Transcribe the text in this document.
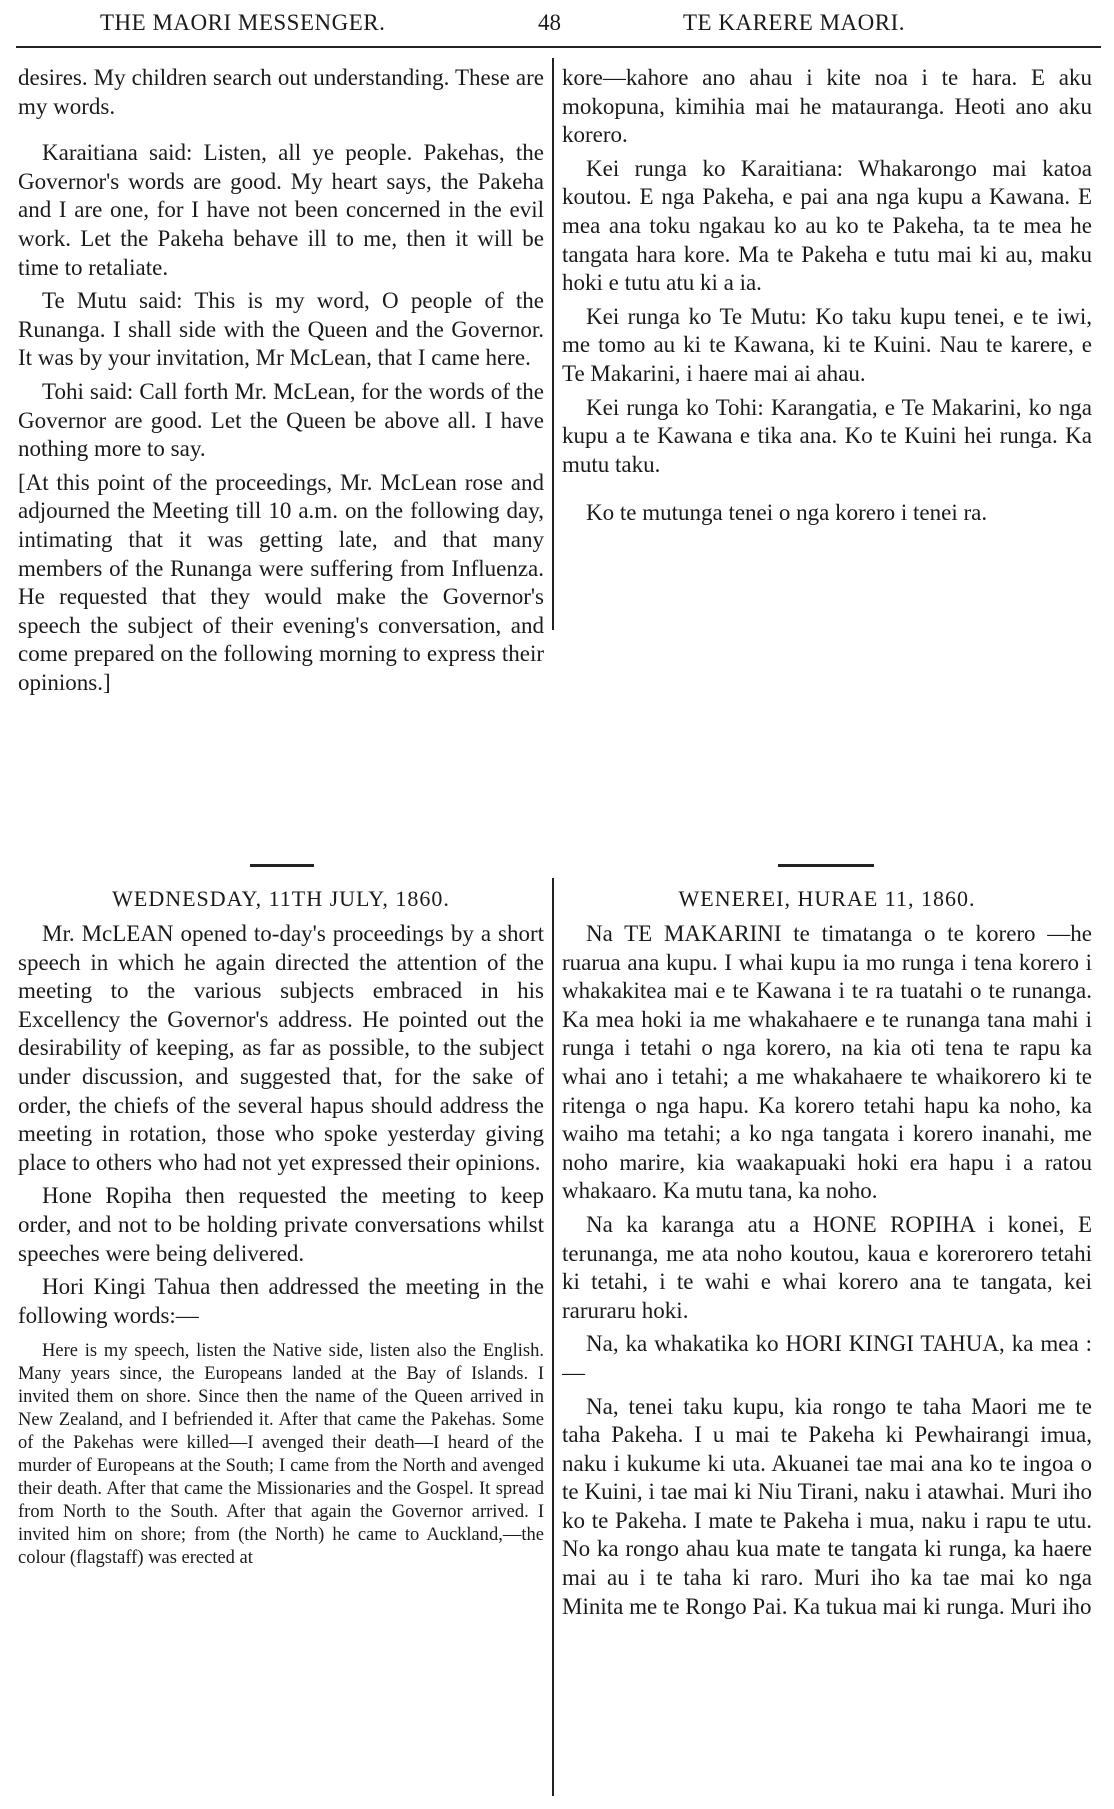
THE MAORI MESSENGER.	48	TE KARERE MAORI.

desires. My children search out understanding. These are my words.

Karaitiana said: Listen, all ye people. Pakehas, the Governor's words are good. My heart says, the Pakeha and I are one, for I have not been concerned in the evil work. Let the Pakeha behave ill to me, then it will be time to retaliate.

Te Mutu said: This is my word, O people of the Runanga. I shall side with the Queen and the Governor. It was by your invitation, Mr McLean, that I came here.

Tohi said: Call forth Mr. McLean, for the words of the Governor are good. Let the Queen be above all. I have nothing more to say.

[At this point of the proceedings, Mr. McLean rose and adjourned the Meeting till 10 a.m. on the following day, intimating that it was getting late, and that many members of the Runanga were suffering from Influenza. He requested that they would make the Governor's speech the subject of their evening's conversation, and come prepared on the following morning to express their opinions.]

kore—kahore ano ahau i kite noa i te hara. E aku mokopuna, kimihia mai he matauranga. Heoti ano aku korero.

Kei runga ko Karaitiana: Whakarongo mai katoa koutou. E nga Pakeha, e pai ana nga kupu a Kawana. E mea ana toku ngakau ko au ko te Pakeha, ta te mea he tangata hara kore. Ma te Pakeha e tutu mai ki au, maku hoki e tutu atu ki a ia.

Kei runga ko Te Mutu: Ko taku kupu tenei, e te iwi, me tomo au ki te Kawana, ki te Kuini. Nau te karere, e Te Makarini, i haere mai ai ahau.

Kei runga ko Tohi: Karangatia, e Te Makarini, ko nga kupu a te Kawana e tika ana. Ko te Kuini hei runga. Ka mutu taku.

Ko te mutunga tenei o nga korero i tenei ra.

WEDNESDAY, 11TH JULY, 1860.

Mr. McLEAN opened to-day's proceedings by a short speech in which he again directed the attention of the meeting to the various subjects embraced in his Excellency the Governor's address. He pointed out the desirability of keeping, as far as possible, to the subject under discussion, and suggested that, for the sake of order, the chiefs of the several hapus should address the meeting in rotation, those who spoke yesterday giving place to others who had not yet expressed their opinions.

Hone Ropiha then requested the meeting to keep order, and not to be holding private conversations whilst speeches were being delivered.

Hori Kingi Tahua then addressed the meeting in the following words:—

Here is my speech, listen the Native side, listen also the English. Many years since, the Europeans landed at the Bay of Islands. I invited them on shore. Since then the name of the Queen arrived in New Zealand, and I befriended it. After that came the Pakehas. Some of the Pakehas were killed—I avenged their death—I heard of the murder of Europeans at the South; I came from the North and avenged their death. After that came the Missionaries and the Gospel. It spread from North to the South. After that again the Governor arrived. I invited him on shore; from (the North) he came to Auckland,—the colour (flagstaff) was erected at

WENEREI, HURAE 11, 1860.

Na TE MAKARINI te timatanga o te korero —he ruarua ana kupu. I whai kupu ia mo runga i tena korero i whakakitea mai e te Kawana i te ra tuatahi o te runanga. Ka mea hoki ia me whakahaere e te runanga tana mahi i runga i tetahi o nga korero, na kia oti tena te rapu ka whai ano i tetahi; a me whakahaere te whaikorero ki te ritenga o nga hapu. Ka korero tetahi hapu ka noho, ka waiho ma tetahi; a ko nga tangata i korero inanahi, me noho marire, kia waakapuaki hoki era hapu i a ratou whakaaro. Ka mutu tana, ka noho.

Na ka karanga atu a HONE ROPIHA i konei, E terunanga, me ata noho koutou, kaua e korerorero tetahi ki tetahi, i te wahi e whai korero ana te tangata, kei raruraru hoki.

Na, ka whakatika ko HORI KINGI TAHUA, ka mea :—

Na, tenei taku kupu, kia rongo te taha Maori me te taha Pakeha. I u mai te Pakeha ki Pewhairangi imua, naku i kukume ki uta. Akuanei tae mai ana ko te ingoa o te Kuini, i tae mai ki Niu Tirani, naku i atawhai. Muri iho ko te Pakeha. I mate te Pakeha i mua, naku i rapu te utu. No ka rongo ahau kua mate te tangata ki runga, ka haere mai au i te taha ki raro. Muri iho ka tae mai ko nga Minita me te Rongo Pai. Ka tukua mai ki runga. Muri iho
